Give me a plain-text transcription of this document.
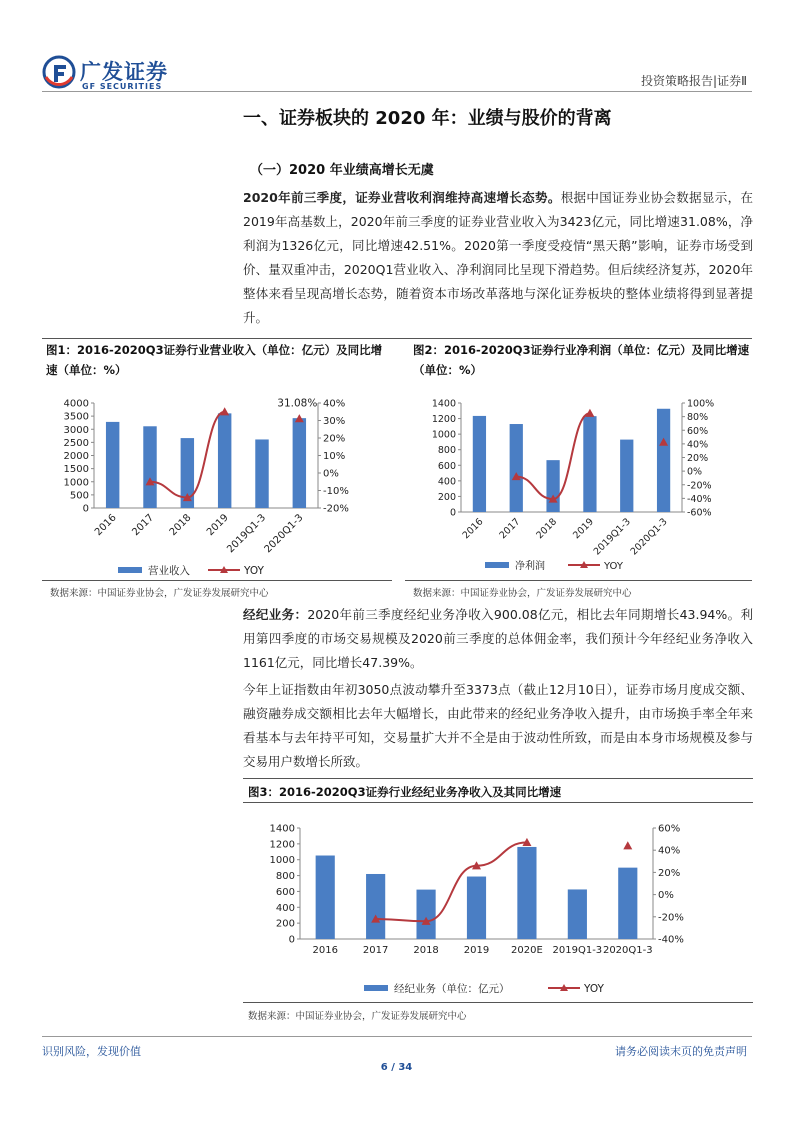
广发证券
GF SECURITIES	投资策略报告|证券Ⅱ
一、证券板块的 2020 年：业绩与股价的背离
（一）2020 年业绩高增长无虞
2020年前三季度，证券业营收利润维持高速增长态势。根据中国证券业协会数据显示，在2019年高基数上，2020年前三季度的证券业营业收入为3423亿元，同比增速31.08%，净利润为1326亿元，同比增速42.51%。2020第一季度受疫情“黑天鹅”影响，证券市场受到价、量双重冲击，2020Q1营业收入、净利润同比呈现下滑趋势。但后续经济复苏，2020年整体来看呈现高增长态势，随着资本市场改革落地与深化证券板块的整体业绩将得到显著提升。
图1：2016-2020Q3证券行业营业收入（单位：亿元）及同比增速（单位：%）
0
500
1000
1500
2000
2500
3000
3500
4000
-20%
-10%
0%
10%
20%
30%
40%
2016 2017 2018 2019
2019Q1-3
2020Q1-3
31.08%
营业收入	YOY
数据来源：中国证券业协会，广发证券发展研究中心
图2：2016-2020Q3证券行业净利润（单位：亿元）及同比增速（单位：%）
0
200
400
600
800
1000
1200
1400
-60%
-40%
-20%
0%
20%
40%
60%
80%
100%
2016 2017 2018 2019
2019Q1-3
2020Q1-3
净利润	YOY
数据来源：中国证券业协会，广发证券发展研究中心
经纪业务：2020年前三季度经纪业务净收入900.08亿元，相比去年同期增长43.94%。利用第四季度的市场交易规模及2020前三季度的总体佣金率，我们预计今年经纪业务净收入1161亿元，同比增长47.39%。
今年上证指数由年初3050点波动攀升至3373点（截止12月10日），证券市场月度成交额、融资融券成交额相比去年大幅增长，由此带来的经纪业务净收入提升，由市场换手率全年来看基本与去年持平可知，交易量扩大并不全是由于波动性所致，而是由本身市场规模及参与交易用户数增长所致。
图3：2016-2020Q3证券行业经纪业务净收入及其同比增速
0
200
400
600
800
1000
1200
1400
-40%
-20%
0%
20%
40%
60%
2016 2017 2018 2019 2020E 2019Q1-3 2020Q1-3
经纪业务（单位：亿元）	YOY
数据来源：中国证券业协会，广发证券发展研究中心
识别风险，发现价值	请务必阅读末页的免责声明
6 / 34
